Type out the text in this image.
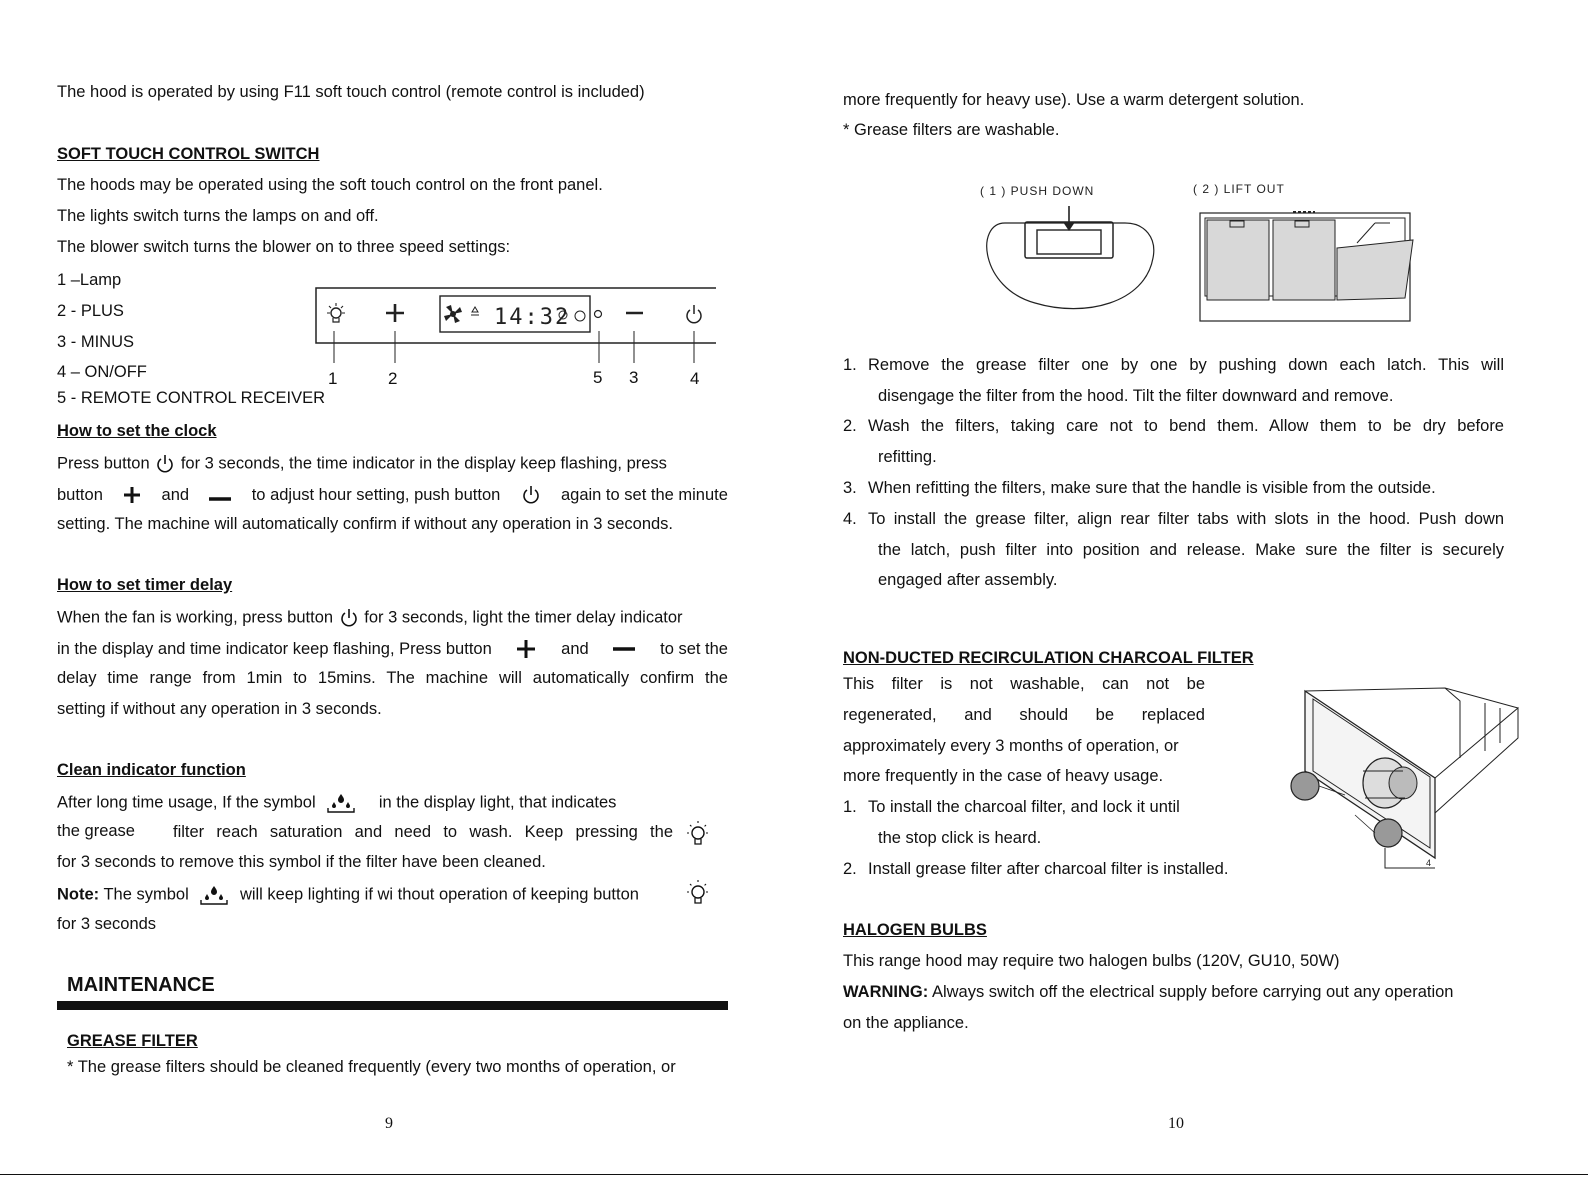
The hood is operated by using F11 soft touch control (remote control is included)
SOFT TOUCH CONTROL SWITCH
The hoods may be operated using the soft touch control on the front panel.
The lights switch turns the lamps on and off.
The blower switch turns the blower on to three speed settings:
1 –Lamp
2 - PLUS
3 - MINUS
4 – ON/OFF
5 - REMOTE CONTROL RECEIVER
14:32
1	2	5 3	4
How to set the clock
Press button for 3 seconds, the time indicator in the display keep flashing, press
button	and	to adjust hour setting, push button	again to set the minute
setting. The machine will automatically confirm if without any operation in 3 seconds.
How to set timer delay
When the fan is working, press button for 3 seconds, light the timer delay indicator
in the display and time indicator keep flashing, Press button	and	to set the
delay time range from 1min to 15mins. The machine will automatically confirm the
setting if without any operation in 3 seconds.
Clean indicator function
After long time usage, If the symbol	in the display light, that indicates
the grease filter reach saturation and need to wash. Keep pressing the
for 3 seconds to remove this symbol if the filter have been cleaned.
Note: The symbol	will keep lighting if wi thout operation of keeping button
for 3 seconds
MAINTENANCE
GREASE FILTER
* The grease filters should be cleaned frequently (every two months of operation, or
9
more frequently for heavy use). Use a warm detergent solution.
* Grease filters are washable.
( 1 ) PUSH DOWN	( 2 ) LIFT OUT
1. Remove the grease filter one by one by pushing down each latch. This will
disengage the filter from the hood. Tilt the filter downward and remove.
2. Wash the filters, taking care not to bend them. Allow them to be dry before
refitting.
3. When refitting the filters, make sure that the handle is visible from the outside.
4. To install the grease filter, align rear filter tabs with slots in the hood. Push down
the latch, push filter into position and release. Make sure the filter is securely
engaged after assembly.
NON-DUCTED RECIRCULATION CHARCOAL FILTER
This filter is not washable, can not be
regenerated, and should be replaced
approximately every 3 months of operation, or
more frequently in the case of heavy usage.
1. To install the charcoal filter, and lock it until
the stop click is heard.
2. Install grease filter after charcoal filter is installed.	4
HALOGEN BULBS
This range hood may require two halogen bulbs (120V, GU10, 50W)
WARNING: Always switch off the electrical supply before carrying out any operation
on the appliance.
10
